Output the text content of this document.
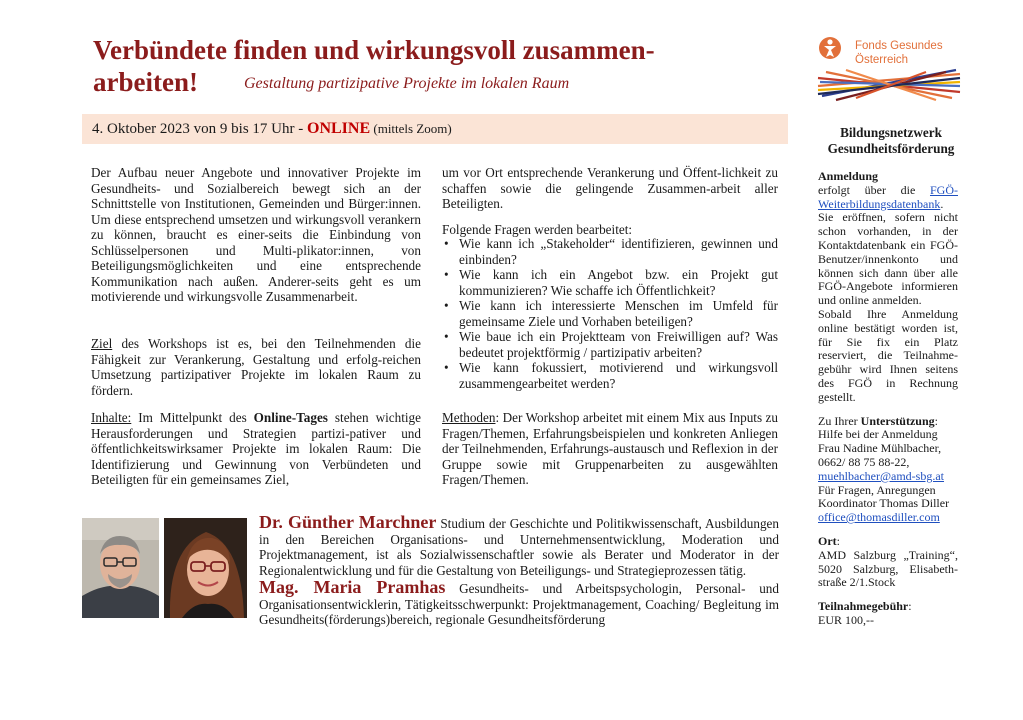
Verbündete finden und wirkungsvoll zusammen-
arbeiten!	Gestaltung partizipative Projekte im lokalen Raum
4. Oktober 2023 von 9 bis 17 Uhr - ONLINE (mittels Zoom)
Der Aufbau neuer Angebote und innovativer Projekte im Gesundheits- und Sozialbereich bewegt sich an der Schnittstelle von Institutionen, Gemeinden und Bürger:innen. Um diese entsprechend umsetzen und wirkungsvoll verankern zu können, braucht es einer-seits die Einbindung von Schlüsselpersonen und Multi-plikator:innen, von Beteiligungsmöglichkeiten und eine entsprechende Kommunikation nach außen. Anderer-seits geht es um motivierende und wirkungsvolle Zusammenarbeit.
Ziel des Workshops ist es, bei den Teilnehmenden die Fähigkeit zur Verankerung, Gestaltung und erfolg-reichen Umsetzung partizipativer Projekte im lokalen Raum zu fördern.
Inhalte: Im Mittelpunkt des Online-Tages stehen wichtige Herausforderungen und Strategien partizi-pativer und öffentlichkeitswirksamer Projekte im lokalen Raum: Die Identifizierung und Gewinnung von Verbündeten und Beteiligten für ein gemeinsames Ziel,
um vor Ort entsprechende Verankerung und Öffent-lichkeit zu schaffen sowie die gelingende Zusammen-arbeit aller Beteiligten.
Folgende Fragen werden bearbeitet:
• Wie kann ich „Stakeholder“ identifizieren, gewinnen und einbinden?
• Wie kann ich ein Angebot bzw. ein Projekt gut kommunizieren? Wie schaffe ich Öffentlichkeit?
• Wie kann ich interessierte Menschen im Umfeld für gemeinsame Ziele und Vorhaben beteiligen?
• Wie baue ich ein Projektteam von Freiwilligen auf? Was bedeutet projektförmig / partizipativ arbeiten?
• Wie kann fokussiert, motivierend und wirkungsvoll zusammengearbeitet werden?
Methoden: Der Workshop arbeitet mit einem Mix aus Inputs zu Fragen/Themen, Erfahrungsbeispielen und konkreten Anliegen der Teilnehmenden, Erfahrungs-austausch und Reflexion in der Gruppe sowie mit Gruppenarbeiten zu ausgewählten Fragen/Themen.
Dr. Günther Marchner Studium der Geschichte und Politikwissenschaft, Ausbildungen in den Bereichen Organisations- und Unternehmensentwicklung, Moderation und Projektmanagement, ist als Sozialwissenschaftler sowie als Berater und Moderator in der Regionalentwicklung und für die Gestaltung von Beteiligungs- und Strategieprozessen tätig.
Mag. Maria Pramhas Gesundheits- und Arbeitspsychologin, Personal- und Organisationsentwicklerin, Tätigkeitsschwerpunkt: Projektmanagement, Coaching/ Begleitung im Gesundheits(förderungs)bereich, regionale Gesundheitsförderung
Fonds Gesundes
Österreich
Bildungsnetzwerk Gesundheitsförderung

Anmeldung

erfolgt über die FGÖ-Weiterbildungsdatenbank. Sie eröffnen, sofern nicht schon vorhanden, in der Kontaktdatenbank ein FGÖ-Benutzer/innenkonto und können sich dann über alle FGÖ-Angebote informieren und online anmelden.

Sobald Ihre Anmeldung online bestätigt worden ist, für Sie fix ein Platz reserviert, die Teilnahme-gebühr wird Ihnen seitens des FGÖ in Rechnung gestellt.

Zu Ihrer Unterstützung:

Hilfe bei der Anmeldung Frau Nadine Mühlbacher, 0662/ 88 75 88-22,

muehlbacher@amd-sbg.at

Für Fragen, Anregungen Koordinator Thomas Diller

office@thomasdiller.com

Ort:

AMD Salzburg „Training“, 5020 Salzburg, Elisabeth-straße 2/1.Stock

Teilnahmegebühr:

EUR 100,--
